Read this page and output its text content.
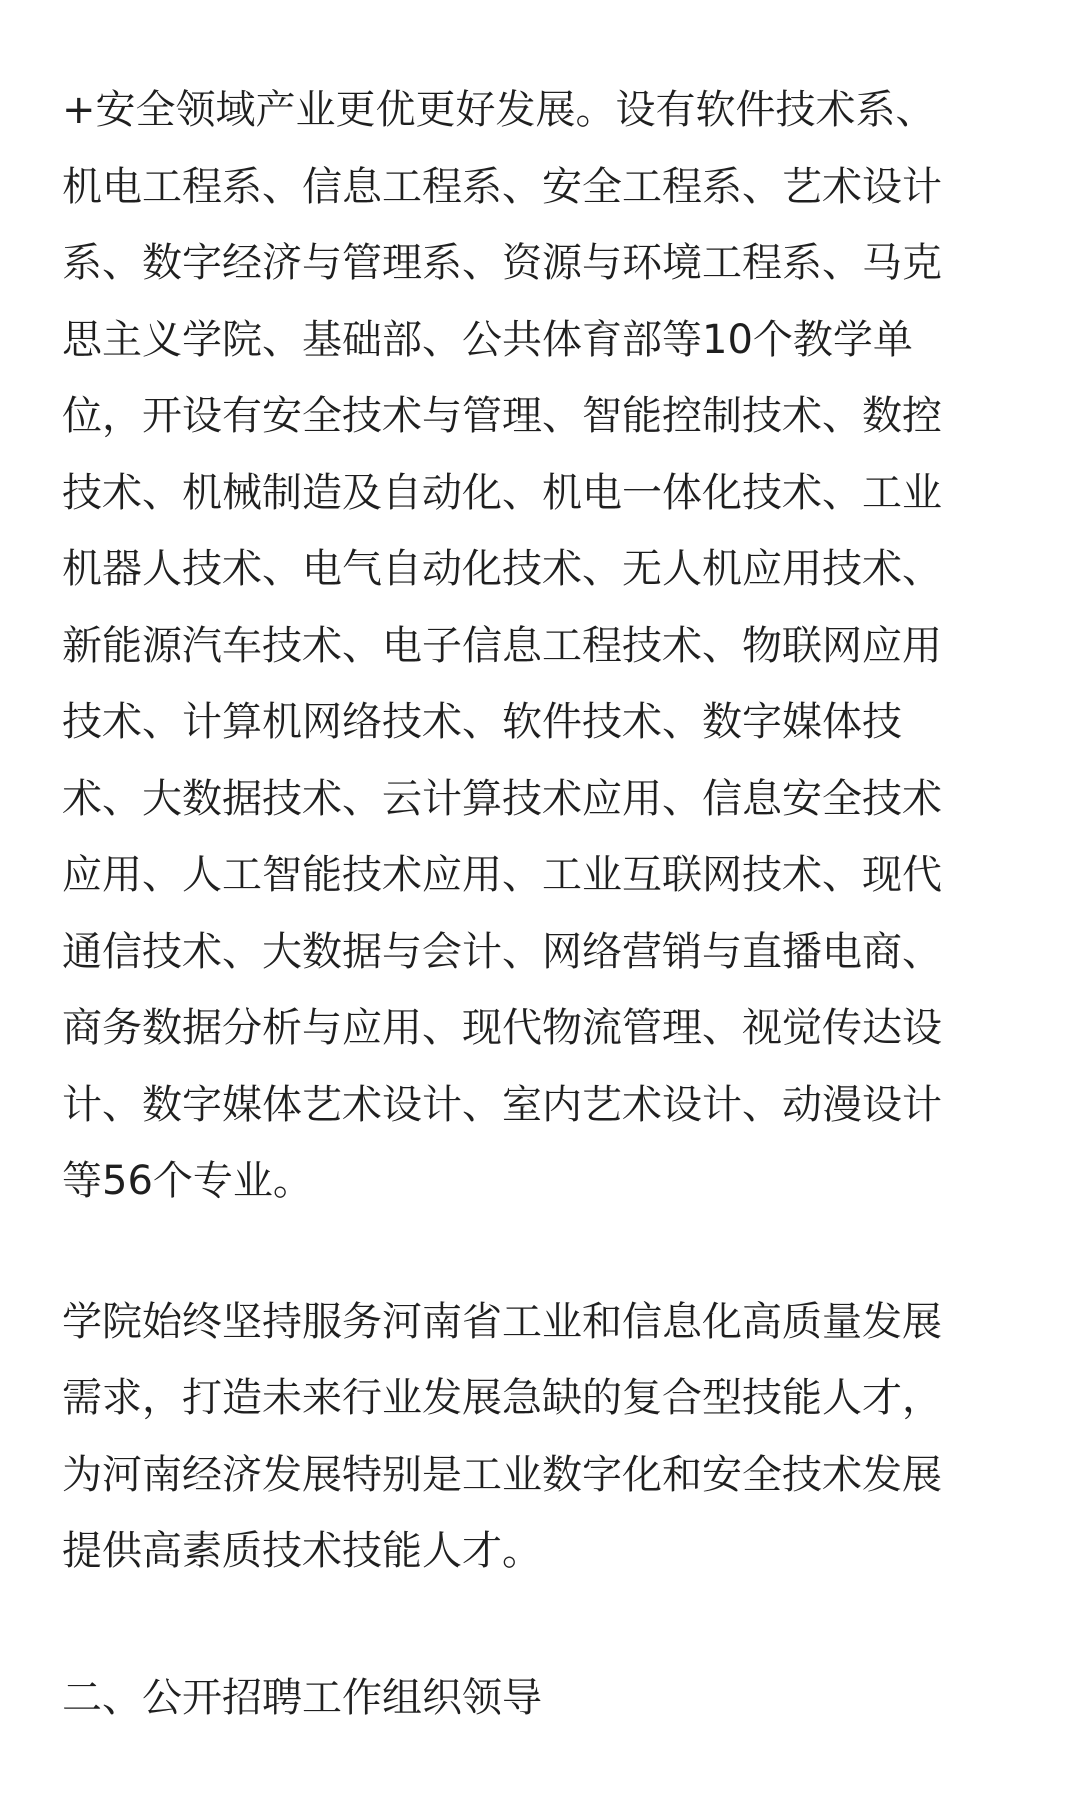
+安全领域产业更优更好发展。设有软件技术系、

机电工程系、信息工程系、安全工程系、艺术设计

系、数字经济与管理系、资源与环境工程系、马克

思主义学院、基础部、公共体育部等10个教学单

位，开设有安全技术与管理、智能控制技术、数控

技术、机械制造及自动化、机电一体化技术、工业

机器人技术、电气自动化技术、无人机应用技术、

新能源汽车技术、电子信息工程技术、物联网应用

技术、计算机网络技术、软件技术、数字媒体技

术、大数据技术、云计算技术应用、信息安全技术

应用、人工智能技术应用、工业互联网技术、现代

通信技术、大数据与会计、网络营销与直播电商、

商务数据分析与应用、现代物流管理、视觉传达设

计、数字媒体艺术设计、室内艺术设计、动漫设计

等56个专业。

学院始终坚持服务河南省工业和信息化高质量发展

需求，打造未来行业发展急缺的复合型技能人才，

为河南经济发展特别是工业数字化和安全技术发展

提供高素质技术技能人才。

二、公开招聘工作组织领导
